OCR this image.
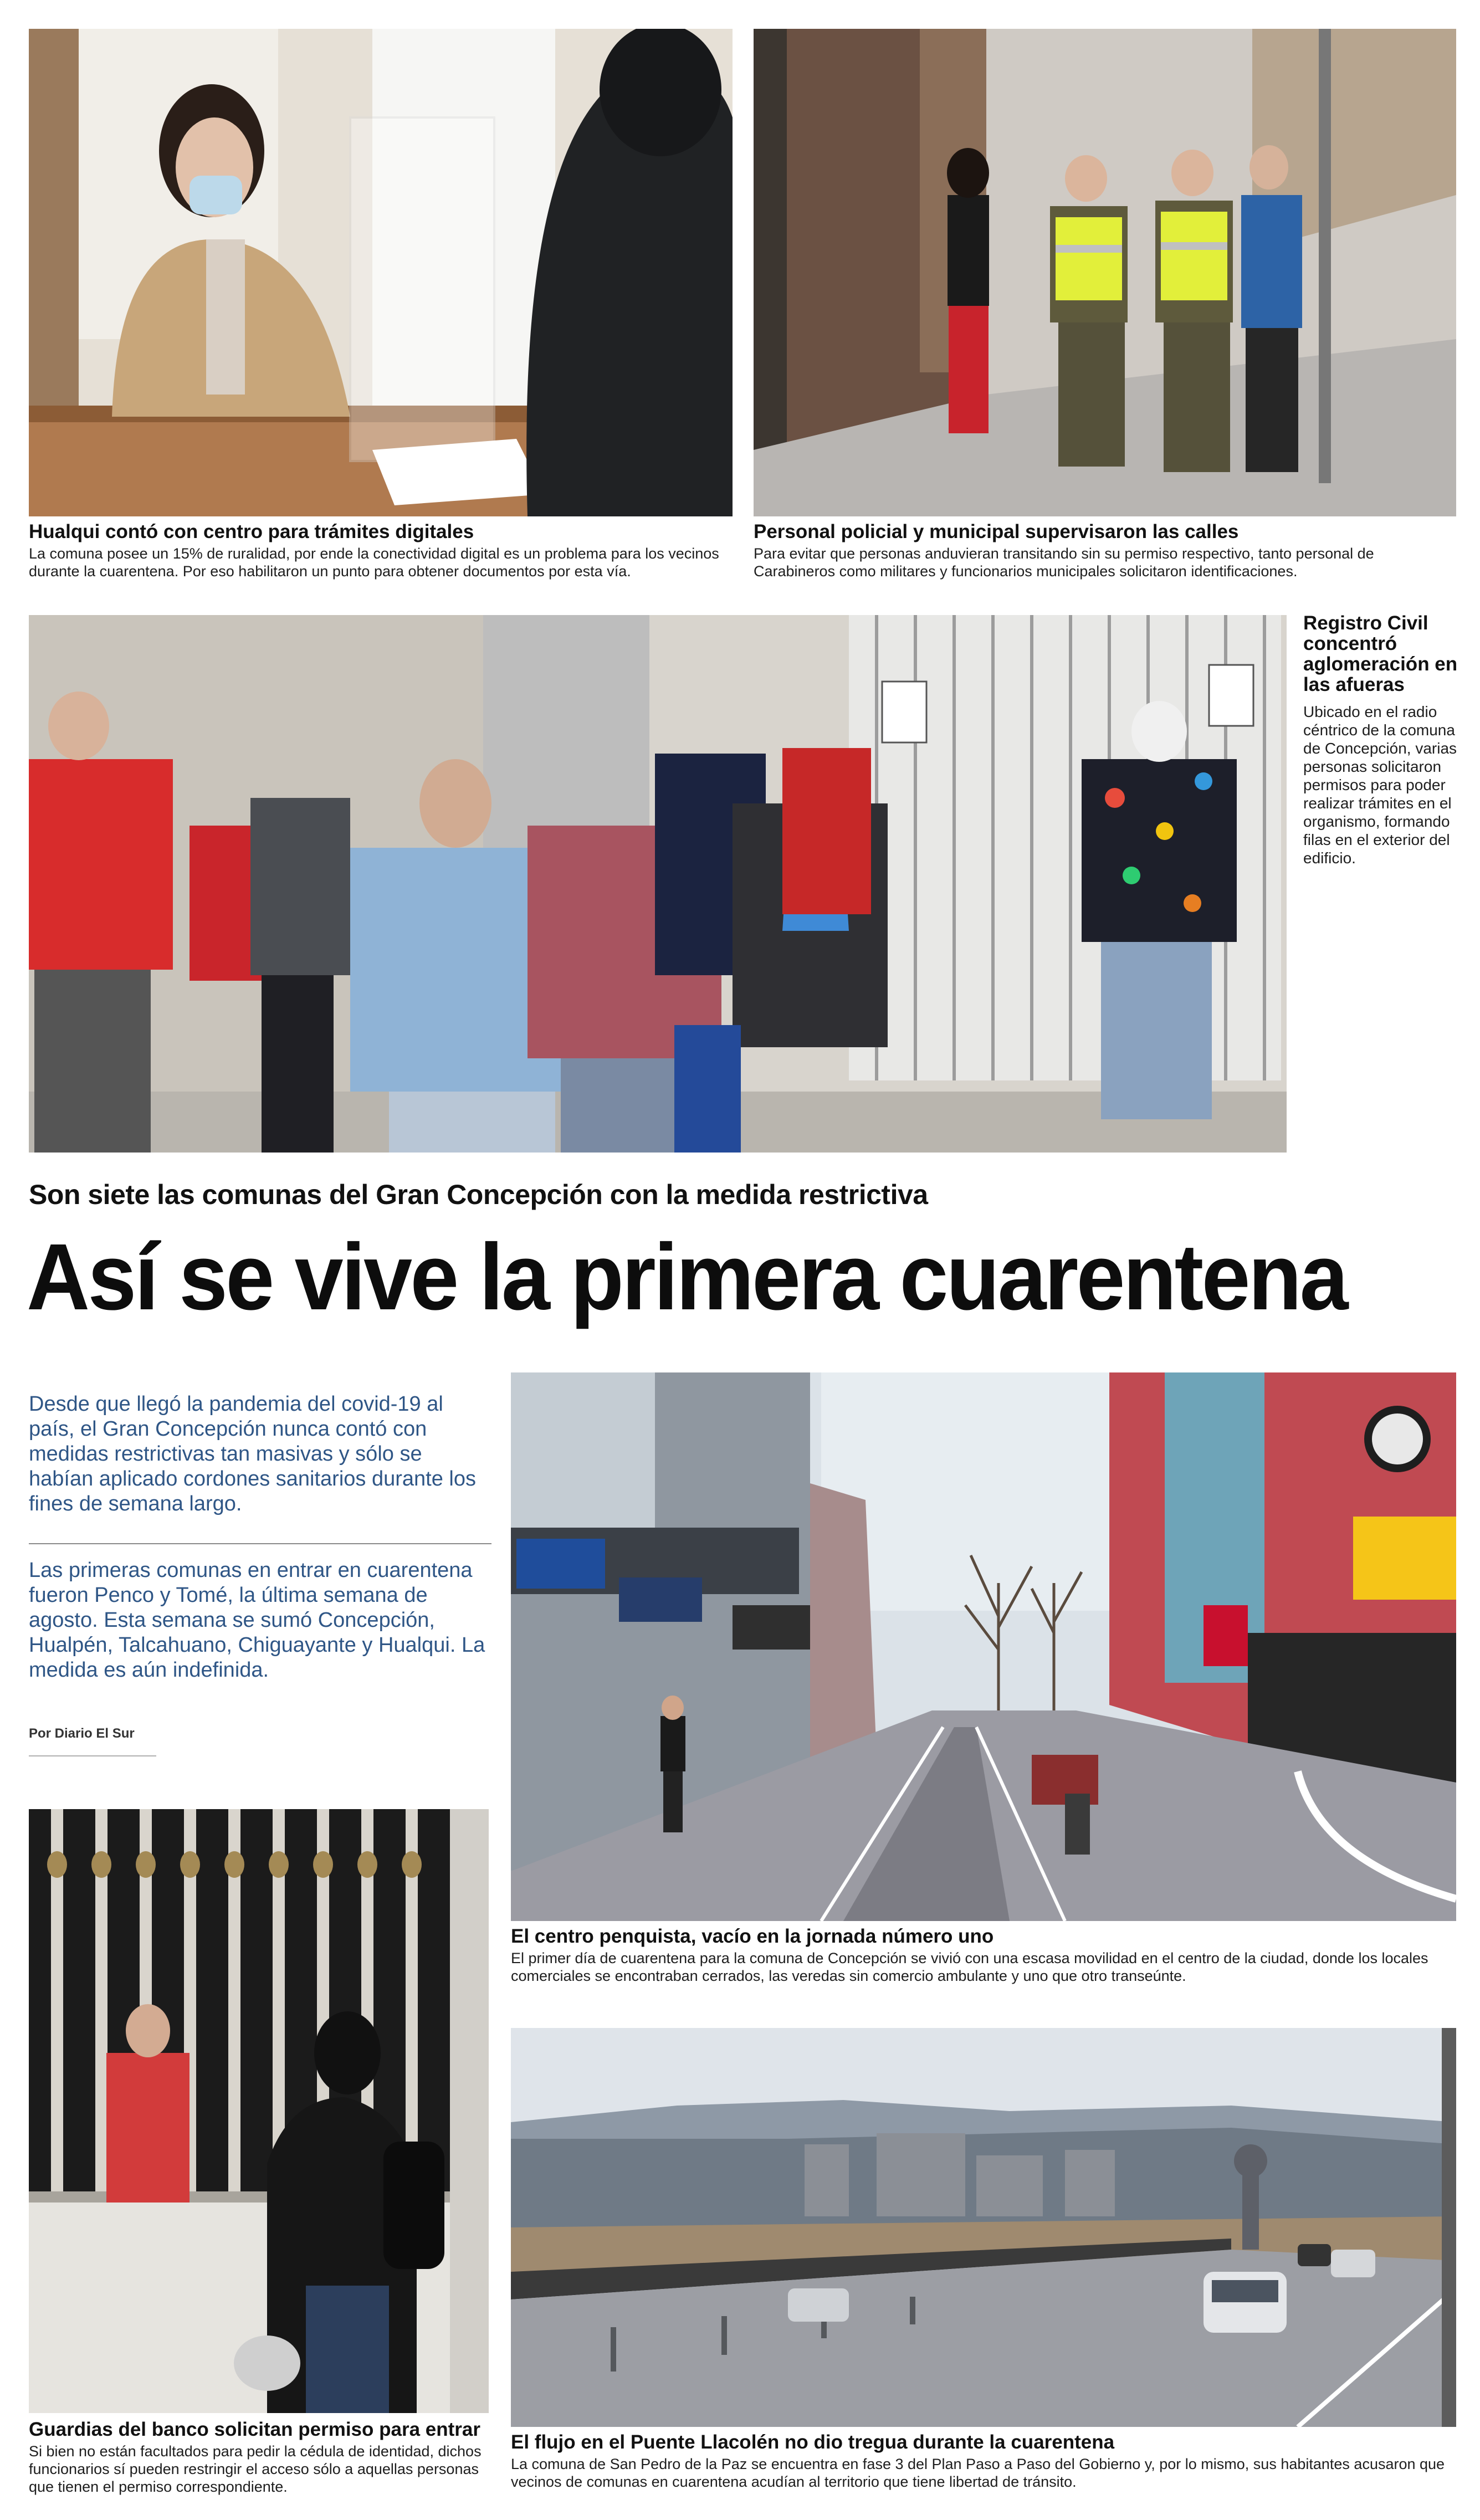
Hualqui contó con centro para trámites digitales
La comuna posee un 15% de ruralidad, por ende la conectividad digital es un problema para los vecinos durante la cuarentena. Por eso habilitaron un punto para obtener documentos por esta vía.
Personal policial y municipal supervisaron las calles
Para evitar que personas anduvieran transitando sin su permiso respectivo, tanto personal de Carabineros como militares y funcionarios municipales solicitaron identificaciones.
Registro Civil concentró aglomeración en las afueras
Ubicado en el radio céntrico de la comuna de Concepción, varias personas solicitaron permisos para poder realizar trámites en el organismo, formando filas en el exterior del edificio.
Son siete las comunas del Gran Concepción con la medida restrictiva
Así se vive la primera cuarentena
Desde que llegó la pandemia del covid-19 al país, el Gran Concepción nunca contó con medidas restrictivas tan masivas y sólo se habían aplicado cordones sanitarios durante los fines de semana largo.
Las primeras comunas en entrar en cuarentena fueron Penco y Tomé, la última semana de agosto. Esta semana se sumó Concepción, Hualpén, Talcahuano, Chiguayante y Hualqui. La medida es aún indefinida.
Por Diario El Sur
El centro penquista, vacío en la jornada número uno
El primer día de cuarentena para la comuna de Concepción se vivió con una escasa movilidad en el centro de la ciudad, donde los locales comerciales se encontraban cerrados, las veredas sin comercio ambulante y uno que otro transeúnte.
Guardias del banco solicitan permiso para entrar
Si bien no están facultados para pedir la cédula de identidad, dichos funcionarios sí pueden restringir el acceso sólo a aquellas personas que tienen el permiso correspondiente.
El flujo en el Puente Llacolén no dio tregua durante la cuarentena
La comuna de San Pedro de la Paz se encuentra en fase 3 del Plan Paso a Paso del Gobierno y, por lo mismo, sus habitantes acusaron que vecinos de comunas en cuarentena acudían al territorio que tiene libertad de tránsito.
